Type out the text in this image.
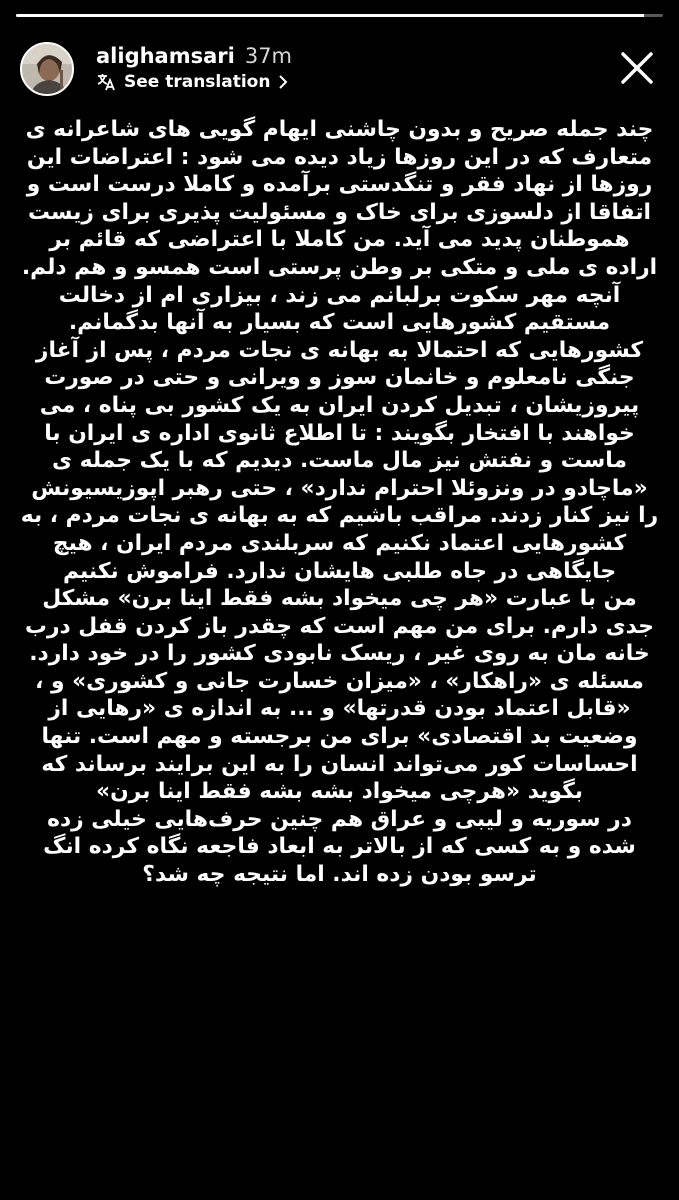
alighamsari 37m
See translation

چند جمله صریح و بدون چاشنی ایهام گویی های شاعرانه ی متعارف که در این روزها زیاد دیده می شود : اعتراضات این روزها از نهاد فقر و تنگدستی برآمده و کاملا درست است و اتفاقا از دلسوزی برای خاک و مسئولیت پذیری برای زیست هموطنان پدید می آید. من کاملا با اعتراضی که قائم بر اراده ی ملی و متکی بر وطن پرستی است همسو و هم دلم.

آنچه مهر سکوت برلبانم می زند ، بیزاری ام از دخالت مستقیم کشورهایی است که بسیار به آنها بدگمانم. کشورهایی که احتمالا به بهانه ی نجات مردم ، پس از آغاز جنگی نامعلوم و خانمان سوز و ویرانی و حتی در صورت پیروزیشان ، تبدیل کردن ایران به یک کشور بی پناه ، می خواهند با افتخار بگویند : تا اطلاع ثانوی اداره ی ایران با ماست و نفتش نیز مال ماست. دیدیم که با یک جمله ی «ماچادو در ونزوئلا احترام ندارد» ، حتی رهبر اپوزیسیونش را نیز کنار زدند. مراقب باشیم که به بهانه ی نجات مردم ، به کشورهایی اعتماد نکنیم که سربلندی مردم ایران ، هیچ جایگاهی در جاه طلبی هایشان ندارد. فراموش نکنیم

من با عبارت «هر چی میخواد بشه فقط اینا برن» مشکل جدی دارم. برای من مهم است که چقدر باز کردن قفل درب خانه مان به روی غیر ، ریسک نابودی کشور را در خود دارد.

مسئله ی «راهکار» ، «میزان خسارت جانی و کشوری» و ، «قابل اعتماد بودن قدرتها» و ... به اندازه ی «رهایی از وضعیت بد اقتصادی» برای من برجسته و مهم است. تنها احساسات کور می‌تواند انسان را به این برایند برساند که بگوید «هرچی میخواد بشه بشه فقط اینا برن»

در سوریه و لیبی و عراق هم چنین حرف‌هایی خیلی زده شده و به کسی که از بالاتر به ابعاد فاجعه نگاه کرده انگ ترسو بودن زده اند. اما نتیجه چه شد؟
